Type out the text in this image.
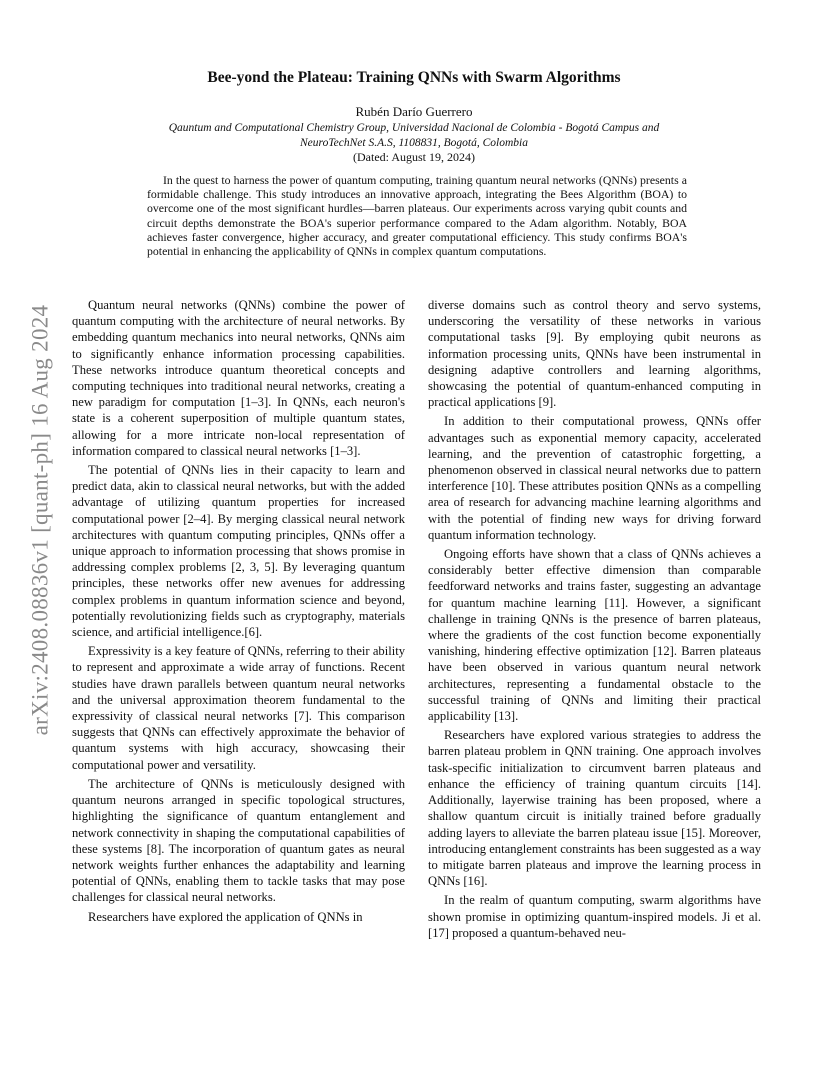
arXiv:2408.08836v1 [quant-ph] 16 Aug 2024
Bee-yond the Plateau: Training QNNs with Swarm Algorithms
Rubén Darío Guerrero
Qauntum and Computational Chemistry Group, Universidad Nacional de Colombia - Bogotá Campus and
NeuroTechNet S.A.S, 1108831, Bogotá, Colombia
(Dated: August 19, 2024)
In the quest to harness the power of quantum computing, training quantum neural networks (QNNs) presents a formidable challenge. This study introduces an innovative approach, integrating the Bees Algorithm (BOA) to overcome one of the most significant hurdles—barren plateaus. Our experiments across varying qubit counts and circuit depths demonstrate the BOA's superior performance compared to the Adam algorithm. Notably, BOA achieves faster convergence, higher accuracy, and greater computational efficiency. This study confirms BOA's potential in enhancing the applicability of QNNs in complex quantum computations.

Quantum neural networks (QNNs) combine the power of quantum computing with the architecture of neural networks. By embedding quantum mechanics into neural networks, QNNs aim to significantly enhance information processing capabilities. These networks introduce quantum theoretical concepts and computing techniques into traditional neural networks, creating a new paradigm for computation [1–3]. In QNNs, each neuron's state is a coherent superposition of multiple quantum states, allowing for a more intricate non-local representation of information compared to classical neural networks [1–3].

The potential of QNNs lies in their capacity to learn and predict data, akin to classical neural networks, but with the added advantage of utilizing quantum properties for increased computational power [2–4]. By merging classical neural network architectures with quantum computing principles, QNNs offer a unique approach to information processing that shows promise in addressing complex problems [2, 3, 5]. By leveraging quantum principles, these networks offer new avenues for addressing complex problems in quantum information science and beyond, potentially revolutionizing fields such as cryptography, materials science, and artificial intelligence.[6].

Expressivity is a key feature of QNNs, referring to their ability to represent and approximate a wide array of functions. Recent studies have drawn parallels between quantum neural networks and the universal approximation theorem fundamental to the expressivity of classical neural networks [7]. This comparison suggests that QNNs can effectively approximate the behavior of quantum systems with high accuracy, showcasing their computational power and versatility.

The architecture of QNNs is meticulously designed with quantum neurons arranged in specific topological structures, highlighting the significance of quantum entanglement and network connectivity in shaping the computational capabilities of these systems [8]. The incorporation of quantum gates as neural network weights further enhances the adaptability and learning potential of QNNs, enabling them to tackle tasks that may pose challenges for classical neural networks.

Researchers have explored the application of QNNs in

diverse domains such as control theory and servo systems, underscoring the versatility of these networks in various computational tasks [9]. By employing qubit neurons as information processing units, QNNs have been instrumental in designing adaptive controllers and learning algorithms, showcasing the potential of quantum-enhanced computing in practical applications [9].

In addition to their computational prowess, QNNs offer advantages such as exponential memory capacity, accelerated learning, and the prevention of catastrophic forgetting, a phenomenon observed in classical neural networks due to pattern interference [10]. These attributes position QNNs as a compelling area of research for advancing machine learning algorithms and with the potential of finding new ways for driving forward quantum information technology.

Ongoing efforts have shown that a class of QNNs achieves a considerably better effective dimension than comparable feedforward networks and trains faster, suggesting an advantage for quantum machine learning [11]. However, a significant challenge in training QNNs is the presence of barren plateaus, where the gradients of the cost function become exponentially vanishing, hindering effective optimization [12]. Barren plateaus have been observed in various quantum neural network architectures, representing a fundamental obstacle to the successful training of QNNs and limiting their practical applicability [13].

Researchers have explored various strategies to address the barren plateau problem in QNN training. One approach involves task-specific initialization to circumvent barren plateaus and enhance the efficiency of training quantum circuits [14]. Additionally, layerwise training has been proposed, where a shallow quantum circuit is initially trained before gradually adding layers to alleviate the barren plateau issue [15]. Moreover, introducing entanglement constraints has been suggested as a way to mitigate barren plateaus and improve the learning process in QNNs [16].

In the realm of quantum computing, swarm algorithms have shown promise in optimizing quantum-inspired models. Ji et al. [17] proposed a quantum-behaved neu-
